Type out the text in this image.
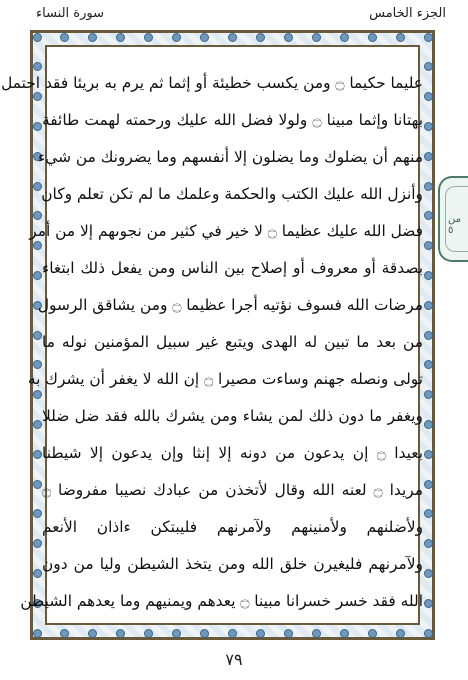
الجزء الخامس
سورة النساء
من ٥
عليما حكيما ۝ ومن يكسب خطيئة أو إثما ثم يرم به بريئا فقد احتمل
بهتانا وإثما مبينا ۝ ولولا فضل الله عليك ورحمته لهمت طائفة
منهم أن يضلوك وما يضلون إلا أنفسهم وما يضرونك من شيء
وأنزل الله عليك الكتب والحكمة وعلمك ما لم تكن تعلم وكان
فضل الله عليك عظيما ۝ لا خير في كثير من نجوىهم إلا من أمر
بصدقة أو معروف أو إصلاح بين الناس ومن يفعل ذلك ابتغاء
مرضات الله فسوف نؤتيه أجرا عظيما ۝ ومن يشاقق الرسول
من بعد ما تبين له الهدى ويتبع غير سبيل المؤمنين نوله ما
تولى ونصله جهنم وساءت مصيرا ۝ إن الله لا يغفر أن يشرك به
ويغفر ما دون ذلك لمن يشاء ومن يشرك بالله فقد ضل ضللا
بعيدا ۝ إن يدعون من دونه إلا إنثا وإن يدعون إلا شيطنا
مريدا ۝ لعنه الله وقال لأتخذن من عبادك نصيبا مفروضا ۝
ولأضلنهم ولأمنينهم ولآمرنهم فليبتكن ءاذان الأنعم
ولآمرنهم فليغيرن خلق الله ومن يتخذ الشيطن وليا من دون
الله فقد خسر خسرانا مبينا ۝ يعدهم ويمنيهم وما يعدهم الشيطن
٧٩
